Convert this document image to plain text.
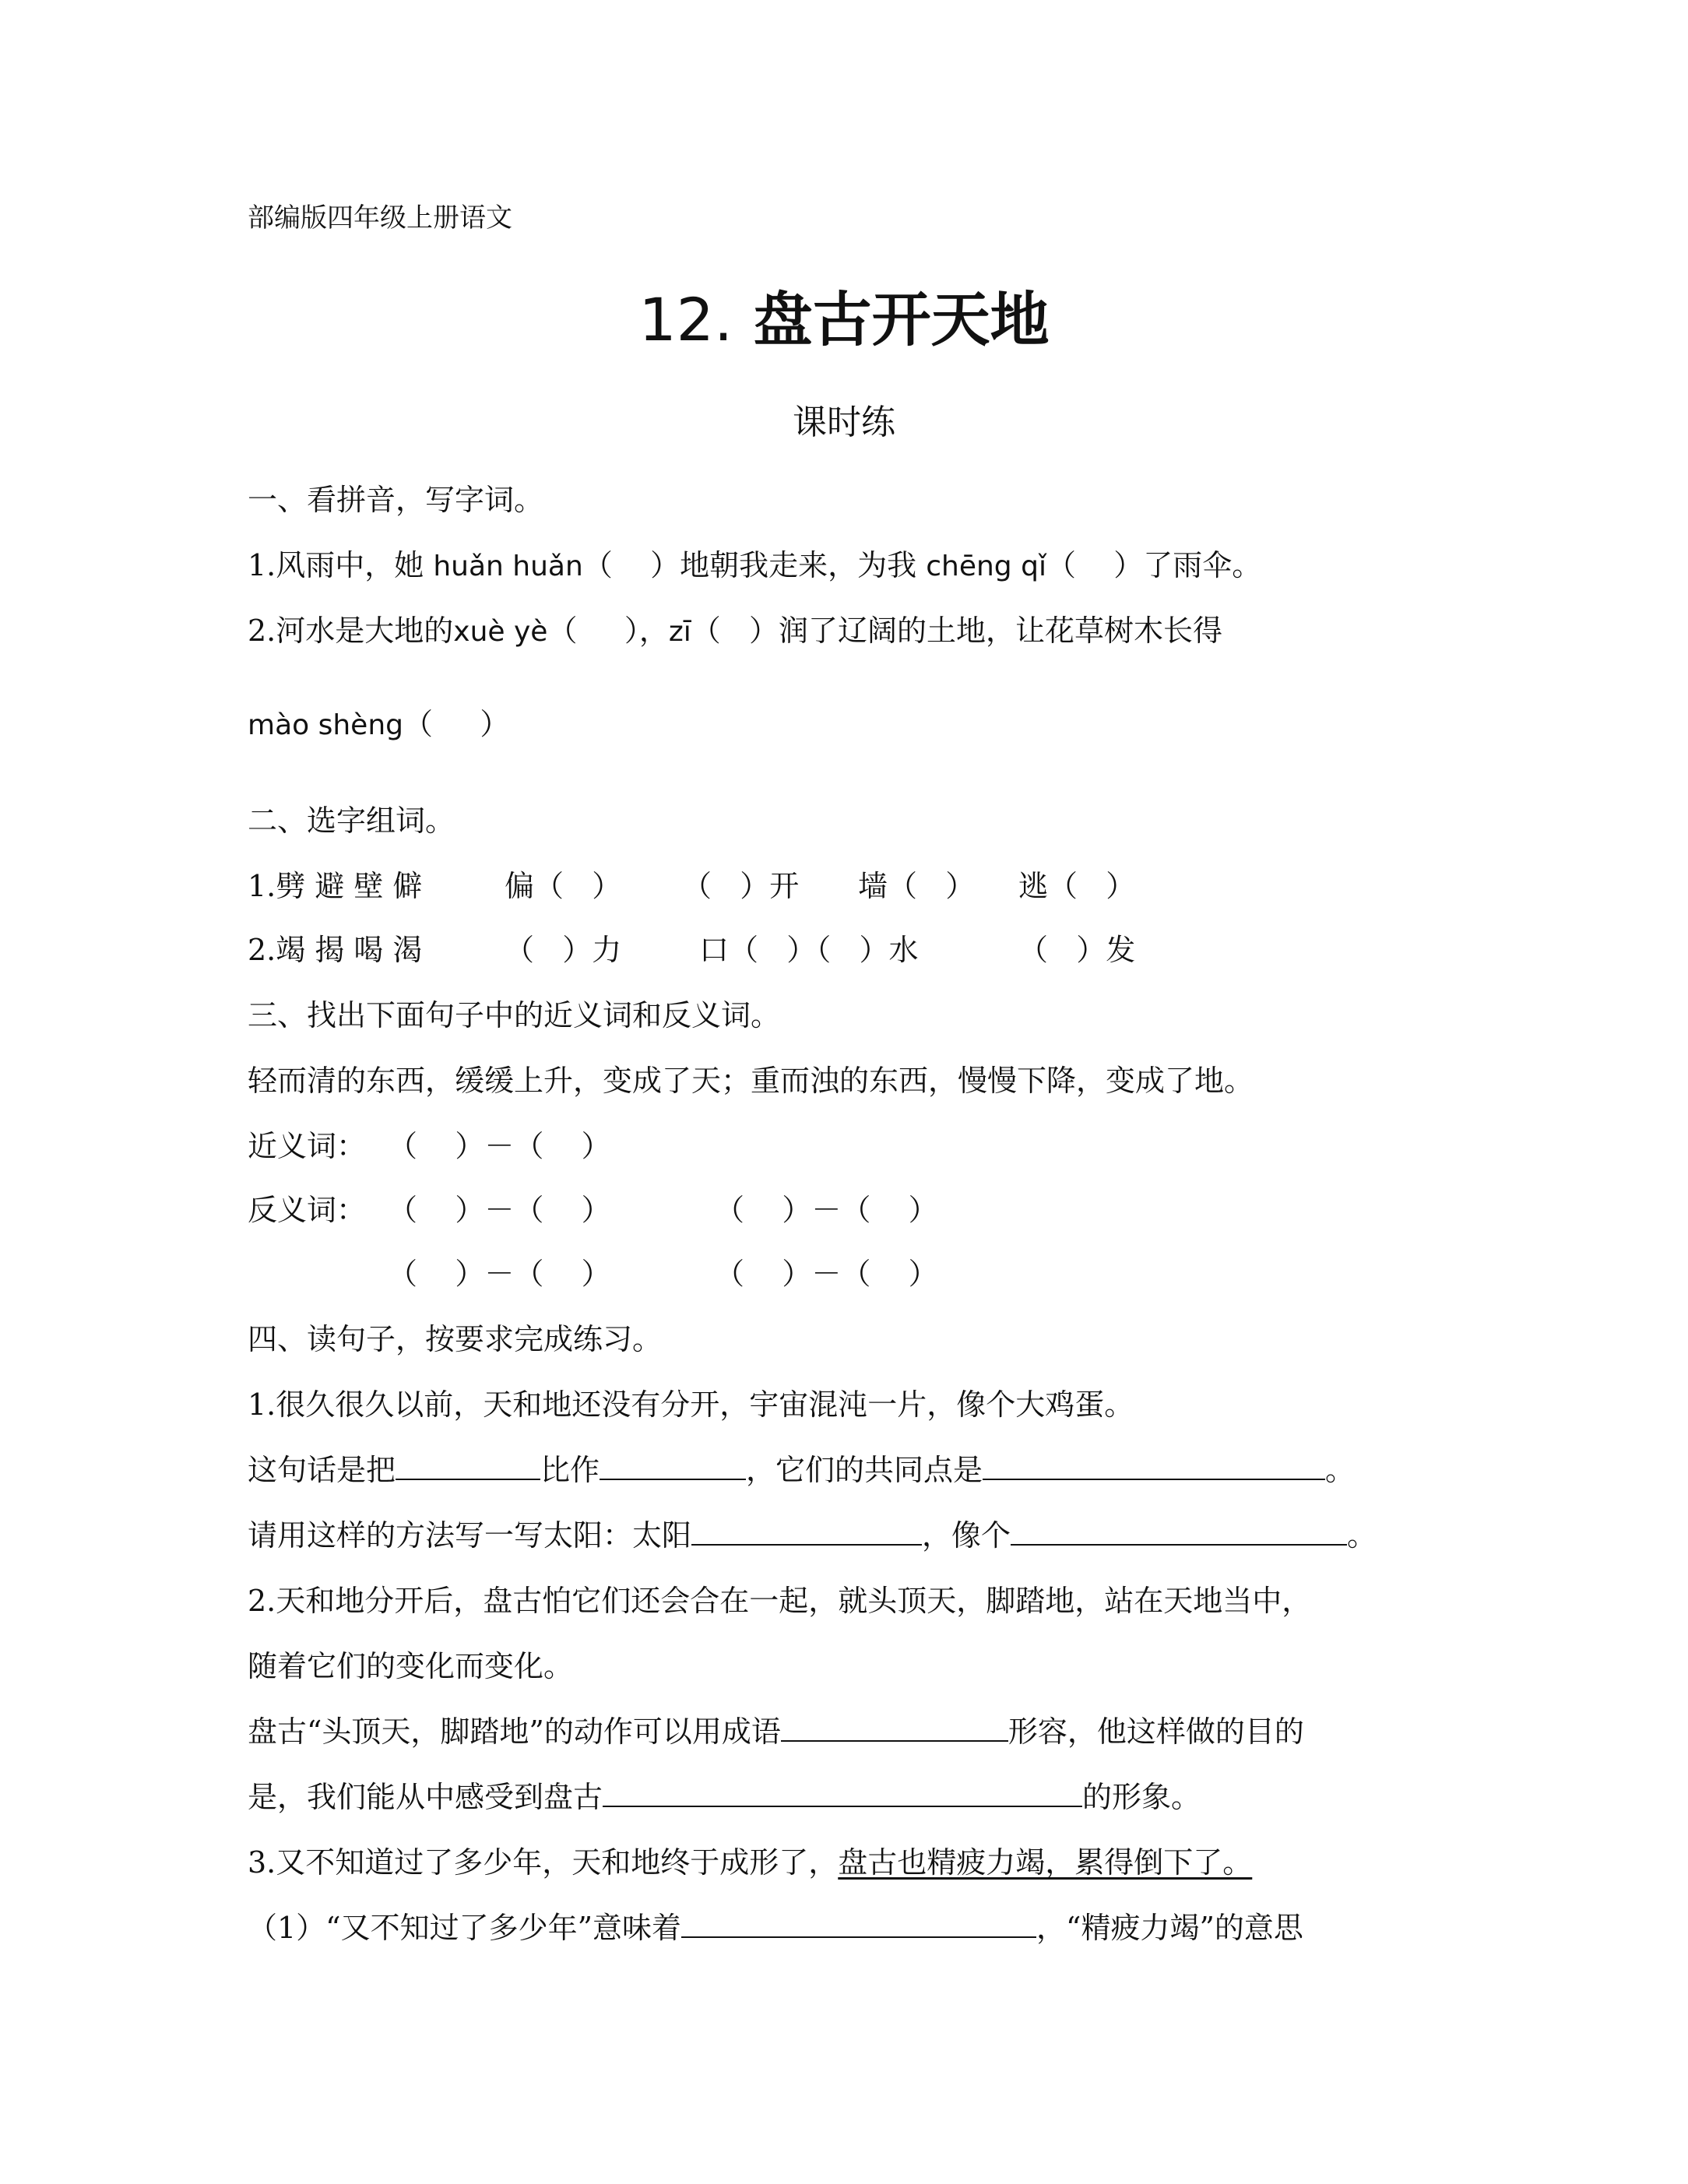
部编版四年级上册语文
12. 盘古开天地
课时练
一、看拼音，写字词。
1.风雨中，她 huǎn huǎn（    ）地朝我走来，为我 chēng qǐ（    ）了雨伞。
2.河水是大地的xuè yè（     ），zī（   ）润了辽阔的土地，让花草树木长得
mào shèng（     ）
二、选字组词。
1.劈 避 壁 僻	偏（   ） （   ）开 墙（   ） 逃（   ）
2.竭 揭 喝 渴	（   ）力	口（   ）（   ）水	（   ）发
三、找出下面句子中的近义词和反义词。
轻而清的东西，缓缓上升，变成了天；重而浊的东西，慢慢下降，变成了地。
近义词： （    ）－（    ）
反义词： （    ）－（    ）	（    ）－（    ）
（    ）－（    ）	（    ）－（    ）
四、读句子，按要求完成练习。
1.很久很久以前，天和地还没有分开，宇宙混沌一片，像个大鸡蛋。
这句话是把	比作	，它们的共同点是	。
请用这样的方法写一写太阳：太阳	，像个	。
2.天和地分开后，盘古怕它们还会合在一起，就头顶天，脚踏地，站在天地当中，
随着它们的变化而变化。
盘古“头顶天，脚踏地”的动作可以用成语	形容，他这样做的目的
是，我们能从中感受到盘古	的形象。
3.又不知道过了多少年，天和地终于成形了，盘古也精疲力竭，累得倒下了。
（1）“又不知过了多少年”意味着	，“精疲力竭”的意思
